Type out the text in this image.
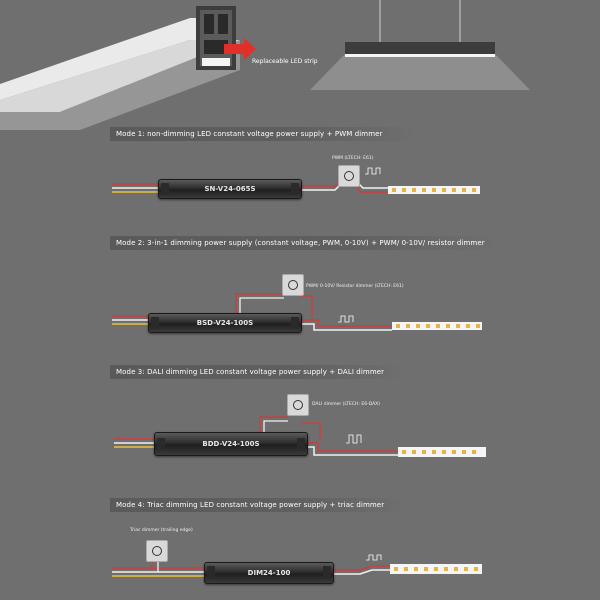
Replaceable LED strip
Mode 1: non-dimming LED constant voltage power supply + PWM dimmer
PWM (LTECH: E61)
SN-V24-065S
Mode 2: 3-in-1 dimming power supply (constant voltage, PWM, 0-10V) + PWM/ 0-10V/ resistor dimmer
PWM/ 0-10V/ Resistor dimmer (LTECH: E61)
BSD-V24-100S
Mode 3: DALI dimming LED constant voltage power supply + DALI dimmer
DALI dimmer (LTECH: E6-DAX)
BDD-V24-100S
Mode 4: Triac dimming LED constant voltage power supply + triac dimmer
Triac dimmer (trailing edge)
DIM24-100
